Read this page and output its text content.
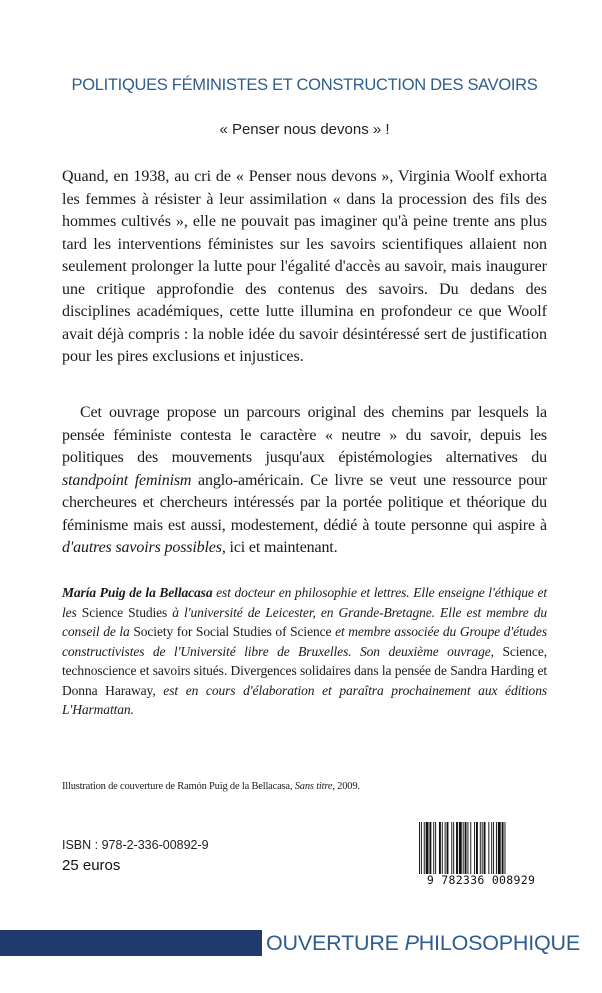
POLITIQUES FÉMINISTES ET CONSTRUCTION DES SAVOIRS
« Penser nous devons » !

Quand, en 1938, au cri de « Penser nous devons », Virginia Woolf exhorta les femmes à résister à leur assimilation « dans la procession des fils des hommes cultivés », elle ne pouvait pas imaginer qu'à peine trente ans plus tard les interventions féministes sur les savoirs scientifiques allaient non seulement prolonger la lutte pour l'égalité d'accès au savoir, mais inaugurer une critique approfondie des contenus des savoirs. Du dedans des disciplines académiques, cette lutte illumina en profondeur ce que Woolf avait déjà compris : la noble idée du savoir désintéressé sert de justification pour les pires exclusions et injustices.

Cet ouvrage propose un parcours original des chemins par lesquels la pensée féministe contesta le caractère « neutre » du savoir, depuis les politiques des mouvements jusqu'aux épistémologies alternatives du standpoint feminism anglo-américain. Ce livre se veut une ressource pour chercheures et chercheurs intéressés par la portée politique et théorique du féminisme mais est aussi, modestement, dédié à toute personne qui aspire à d'autres savoirs possibles, ici et maintenant.

María Puig de la Bellacasa est docteur en philosophie et lettres. Elle enseigne l'éthique et les Science Studies à l'université de Leicester, en Grande-Bretagne. Elle est membre du conseil de la Society for Social Studies of Science et membre associée du Groupe d'études constructivistes de l'Université libre de Bruxelles. Son deuxième ouvrage, Science, technoscience et savoirs situés. Divergences solidaires dans la pensée de Sandra Harding et Donna Haraway, est en cours d'élaboration et paraîtra prochainement aux éditions L'Harmattan.

Illustration de couverture de Ramón Puig de la Bellacasa, Sans titre, 2009.

ISBN : 978-2-336-00892-9
25 euros
9 782336 008929
OUVERTURE PHILOSOPHIQUE
